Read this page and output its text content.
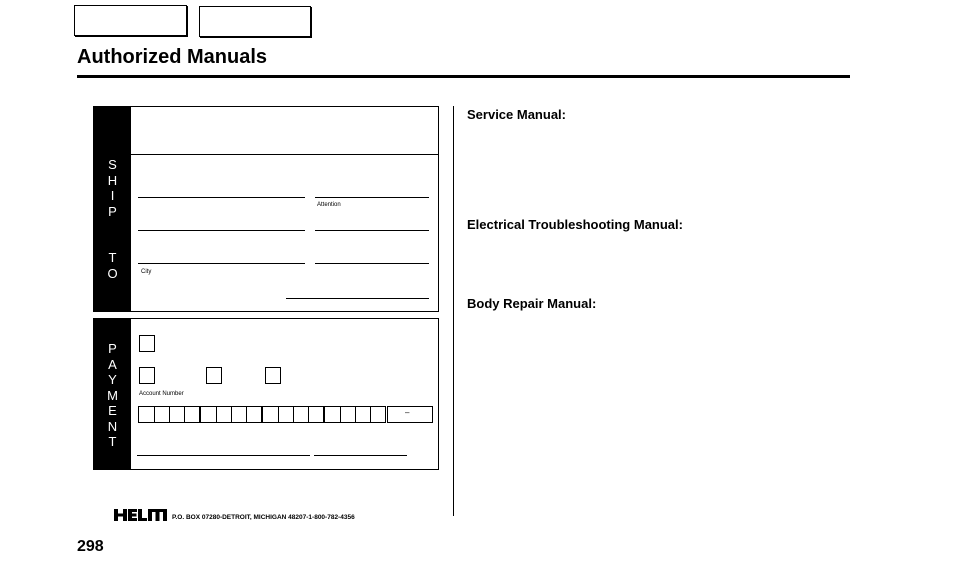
Authorized Manuals
S
H
I
P

T
O
Attention
City
P
A
Y
M
E
N
T
Account Number
–
P.O. BOX 07280-DETROIT, MICHIGAN 48207-1-800-782-4356
Service Manual:
Electrical Troubleshooting Manual:
Body Repair Manual:
298
